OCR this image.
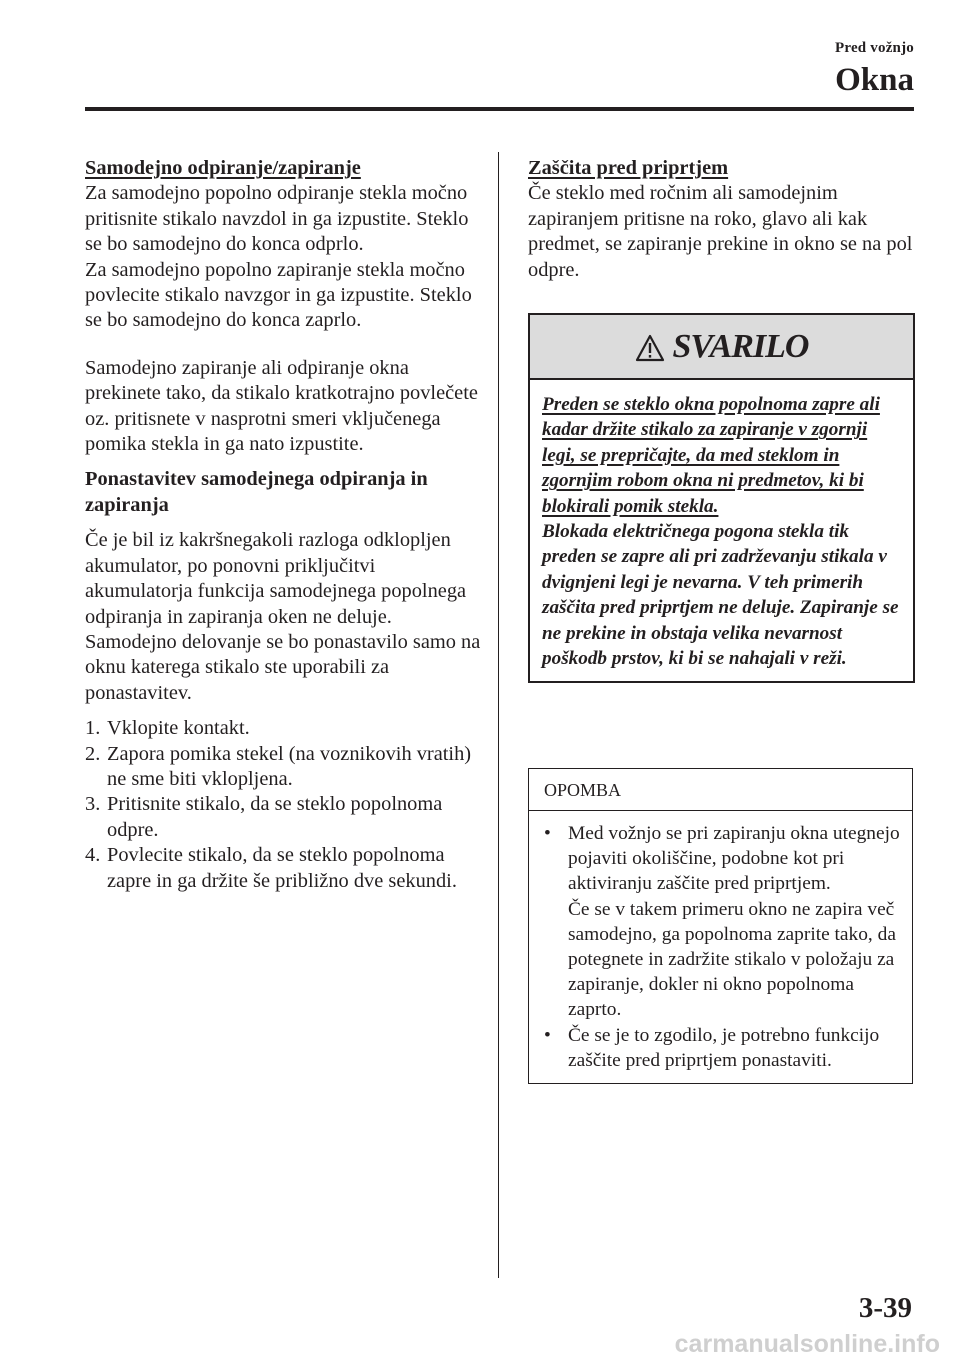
Pred vožnjo
Okna

Samodejno odpiranje/zapiranje

Za samodejno popolno odpiranje stekla močno pritisnite stikalo navzdol in ga izpustite. Steklo se bo samodejno do konca odprlo.

Za samodejno popolno zapiranje stekla močno povlecite stikalo navzgor in ga izpustite. Steklo se bo samodejno do konca zaprlo.

Samodejno zapiranje ali odpiranje okna prekinete tako, da stikalo kratkotrajno povlečete oz. pritisnete v nasprotni smeri vključenega pomika stekla in ga nato izpustite.

Ponastavitev samodejnega odpiranja in zapiranja

Če je bil iz kakršnegakoli razloga odklopljen akumulator, po ponovni priključitvi akumulatorja funkcija samodejnega popolnega odpiranja in zapiranja oken ne deluje.

Samodejno delovanje se bo ponastavilo samo na oknu katerega stikalo ste uporabili za ponastavitev.

1. Vklopite kontakt.
2. Zapora pomika stekel (na voznikovih vratih) ne sme biti vklopljena.
3. Pritisnite stikalo, da se steklo popolnoma odpre.
4. Povlecite stikalo, da se steklo popolnoma zapre in ga držite še približno dve sekundi.

Zaščita pred priprtjem

Če steklo med ročnim ali samodejnim zapiranjem pritisne na roko, glavo ali kak predmet, se zapiranje prekine in okno se na pol odpre.

SVARILO

Preden se steklo okna popolnoma zapre ali kadar držite stikalo za zapiranje v zgornji legi, se prepričajte, da med steklom in zgornjim robom okna ni predmetov, ki bi blokirali pomik stekla.

Blokada električnega pogona stekla tik preden se zapre ali pri zadrževanju stikala v dvignjeni legi je nevarna. V teh primerih zaščita pred priprtjem ne deluje. Zapiranje se ne prekine in obstaja velika nevarnost poškodb prstov, ki bi se nahajali v reži.

OPOMBA
• Med vožnjo se pri zapiranju okna utegnejo pojaviti okoliščine, podobne kot pri aktiviranju zaščite pred priprtjem.
Če se v takem primeru okno ne zapira več samodejno, ga popolnoma zaprite tako, da potegnete in zadržite stikalo v položaju za zapiranje, dokler ni okno popolnoma zaprto.
• Če se je to zgodilo, je potrebno funkcijo zaščite pred priprtjem ponastaviti.
3-39
carmanualsonline.info
